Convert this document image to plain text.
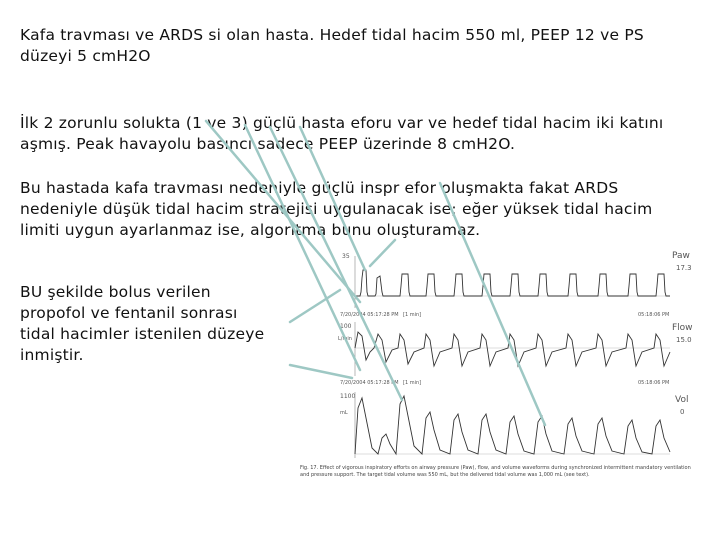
Kafa travması ve ARDS si olan hasta. Hedef tidal hacim 550 ml, PEEP 12 ve PS
düzeyi 5 cmH2O
İlk 2 zorunlu solukta (1 ve 3) güçlü hasta eforu var ve hedef tidal hacim iki katını
aşmış. Peak havayolu basıncı sadece PEEP üzerinde 8 cmH2O.
Bu hastada kafa travması nedeniyle güçlü inspr efor oluşmakta fakat ARDS
nedeniyle düşük tidal hacim stratejisi uygulanacak ise; eğer yüksek tidal hacim
limiti uygun ayarlanmaz ise, algoritma bunu oluşturamaz.
BU şekilde bolus verilen
propofol ve fentanil sonrası
tidal hacimler istenilen düzeye
inmiştir.
35	Paw
17.3
7/20/2004 05:17:28 PM [1 min]	05:18:06 PM
100
L/min
Flow
15.0
7/20/2004 05:17:28 PM [1 min]	05:18:06 PM
1100
mL
Vol
0
Fig. 17. Effect of vigorous inspiratory efforts on airway pressure (Paw), flow, and volume waveforms during synchronized intermittent mandatory ventilation and pressure support. The target tidal volume was 550 mL, but the delivered tidal volume was 1,000 mL (see text).
